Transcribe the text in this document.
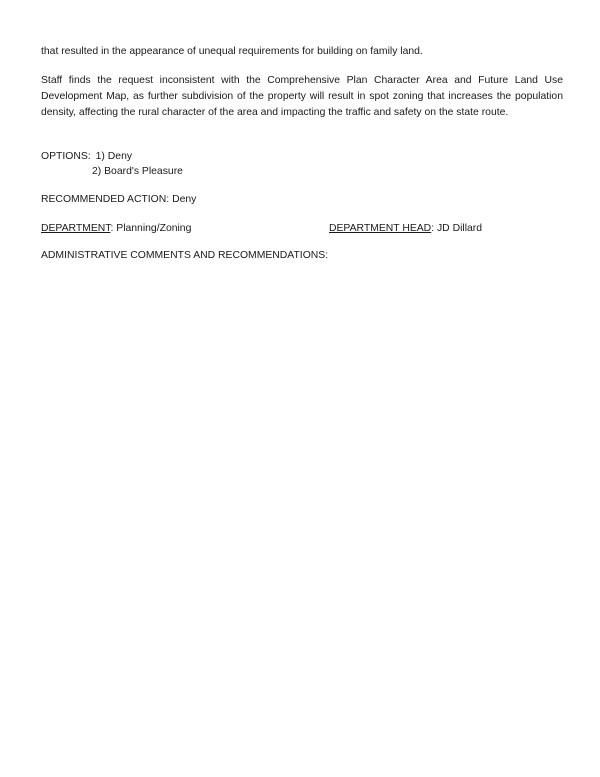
that resulted in the appearance of unequal requirements for building on family land.

Staff finds the request inconsistent with the Comprehensive Plan Character Area and Future Land Use Development Map, as further subdivision of the property will result in spot zoning that increases the population density, affecting the rural character of the area and impacting the traffic and safety on the state route.

OPTIONS: 1) Deny
2) Board's Pleasure
RECOMMENDED ACTION: Deny
DEPARTMENT: Planning/Zoning	DEPARTMENT HEAD: JD Dillard
ADMINISTRATIVE COMMENTS AND RECOMMENDATIONS:
